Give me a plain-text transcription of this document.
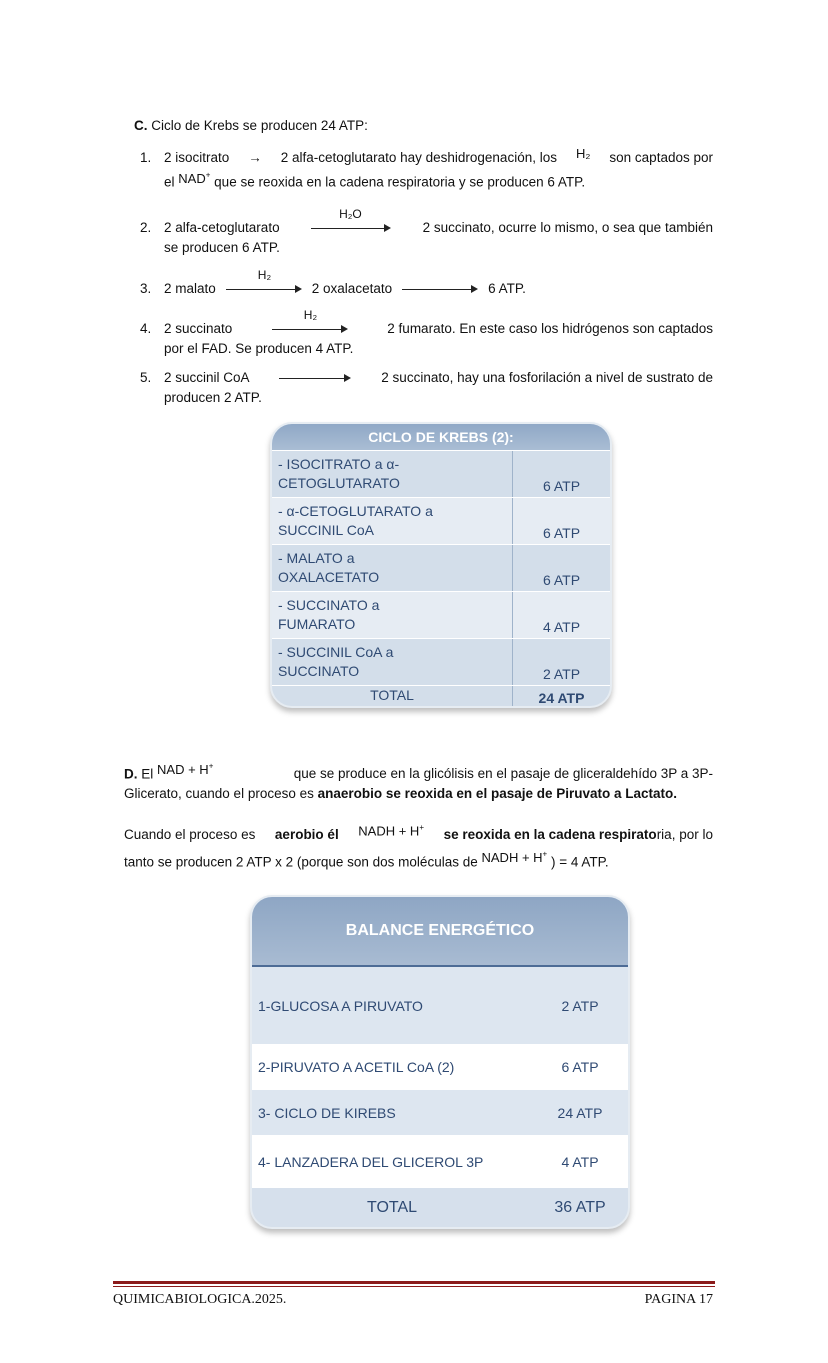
C. Ciclo de Krebs se producen 24 ATP:
1. 2 isocitrato → 2 alfa-cetoglutarato hay deshidrogenación, los H₂ son captados por
el NAD+ que se reoxida en la cadena respiratoria y se producen 6 ATP.
2. 2 alfa-cetoglutarato
H₂O
2 succinato, ocurre lo mismo, o sea que también
se producen 6 ATP.
3. 2 malato
H₂
2 oxalacetato	6 ATP.
4. 2 succinato
H₂
2 fumarato. En este caso los hidrógenos son captados
por el FAD. Se producen 4 ATP.
5. 2 succinil CoA	2 succinato, hay una fosforilación a nivel de sustrato de
producen 2 ATP.
CICLO DE KREBS (2):
- ISOCITRATO a α-
CETOGLUTARATO	6 ATP
- α-CETOGLUTARATO a
SUCCINIL CoA	6 ATP
- MALATO a
OXALACETATO	6 ATP
- SUCCINATO a
FUMARATO	4 ATP
- SUCCINIL CoA a
SUCCINATO	2 ATP
TOTAL	24 ATP
D. El NAD + H+	que se produce en la glicólisis en el pasaje de gliceraldehído 3P a 3P-
Glicerato, cuando el proceso es anaerobio se reoxida en el pasaje de Piruvato a Lactato.
Cuando el proceso es aerobio él NADH + H+ se reoxida en la cadena respiratoria, por lo
tanto se producen 2 ATP x 2 (porque son dos moléculas de NADH + H+ ) = 4 ATP.
BALANCE ENERGÉTICO
1-GLUCOSA A PIRUVATO	2 ATP
2-PIRUVATO A ACETIL CoA (2)	6 ATP
3- CICLO DE KIREBS	24 ATP
4- LANZADERA DEL GLICEROL 3P	4 ATP
TOTAL	36 ATP
QUIMICABIOLOGICA.2025.	PAGINA 17
